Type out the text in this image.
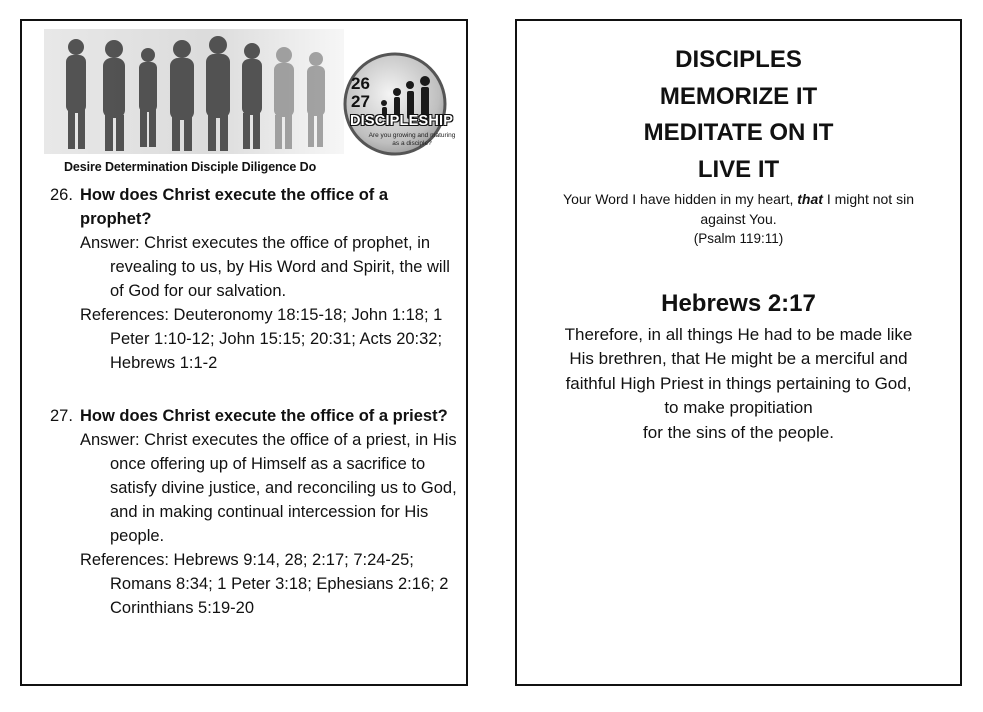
26
27
DISCIPLESHIP
Are you growing and maturing as a disciple?
Desire Determination Disciple Diligence Do
26. How does Christ execute the office of a prophet?
Answer: Christ executes the office of prophet, in revealing to us, by His Word and Spirit, the will of God for our salvation.
References: Deuteronomy 18:15-18; John 1:18; 1 Peter 1:10-12; John 15:15; 20:31; Acts 20:32; Hebrews 1:1-2
27. How does Christ execute the office of a priest?
Answer: Christ executes the office of a priest, in His once offering up of Himself as a sacrifice to satisfy divine justice, and reconciling us to God, and in making continual intercession for His people.
References: Hebrews 9:14, 28; 2:17; 7:24-25; Romans 8:34; 1 Peter 3:18; Ephesians 2:16; 2 Corinthians 5:19-20
DISCIPLES
MEMORIZE IT
MEDITATE ON IT
LIVE IT
Your Word I have hidden in my heart, that I might not sin against You.
(Psalm 119:11)
Hebrews 2:17
Therefore, in all things He had to be made like
His brethren, that He might be a merciful and
faithful High Priest in things pertaining to God,
to make propitiation
for the sins of the people.
